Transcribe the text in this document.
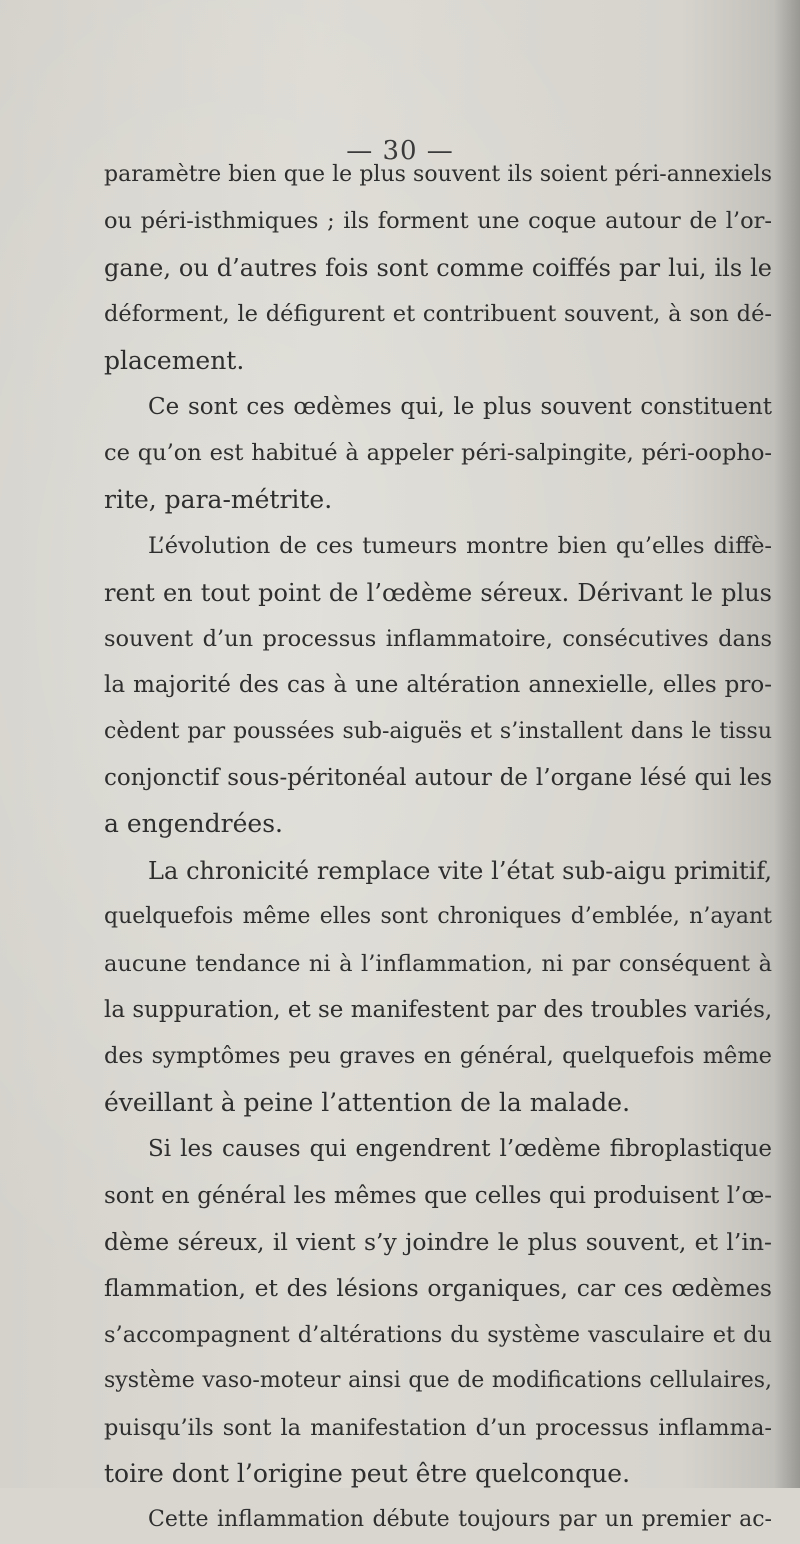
— 30 —
paramètre bien que le plus souvent ils soient péri-annexiels
ou péri-isthmiques ; ils forment une coque autour de l’or-
gane, ou d’autres fois sont comme coiffés par lui, ils le
déforment, le défigurent et contribuent souvent, à son dé-
placement.
Ce sont ces œdèmes qui, le plus souvent constituent
ce qu’on est habitué à appeler péri-salpingite, péri-oopho-
rite, para-métrite.
L’évolution de ces tumeurs montre bien qu’elles diffè-
rent en tout point de l’œdème séreux. Dérivant le plus
souvent d’un processus inflammatoire, consécutives dans
la majorité des cas à une altération annexielle, elles pro-
cèdent par poussées sub-aiguës et s’installent dans le tissu
conjonctif sous-péritonéal autour de l’organe lésé qui les
a engendrées.
La chronicité remplace vite l’état sub-aigu primitif,
quelquefois même elles sont chroniques d’emblée, n’ayant
aucune tendance ni à l’inflammation, ni par conséquent à
la suppuration, et se manifestent par des troubles variés,
des symptômes peu graves en général, quelquefois même
éveillant à peine l’attention de la malade.
Si les causes qui engendrent l’œdème fibroplastique
sont en général les mêmes que celles qui produisent l’œ-
dème séreux, il vient s’y joindre le plus souvent, et l’in-
flammation, et des lésions organiques, car ces œdèmes
s’accompagnent d’altérations du système vasculaire et du
système vaso-moteur ainsi que de modifications cellulaires,
puisqu’ils sont la manifestation d’un processus inflamma-
toire dont l’origine peut être quelconque.
Cette inflammation débute toujours par un premier ac-
